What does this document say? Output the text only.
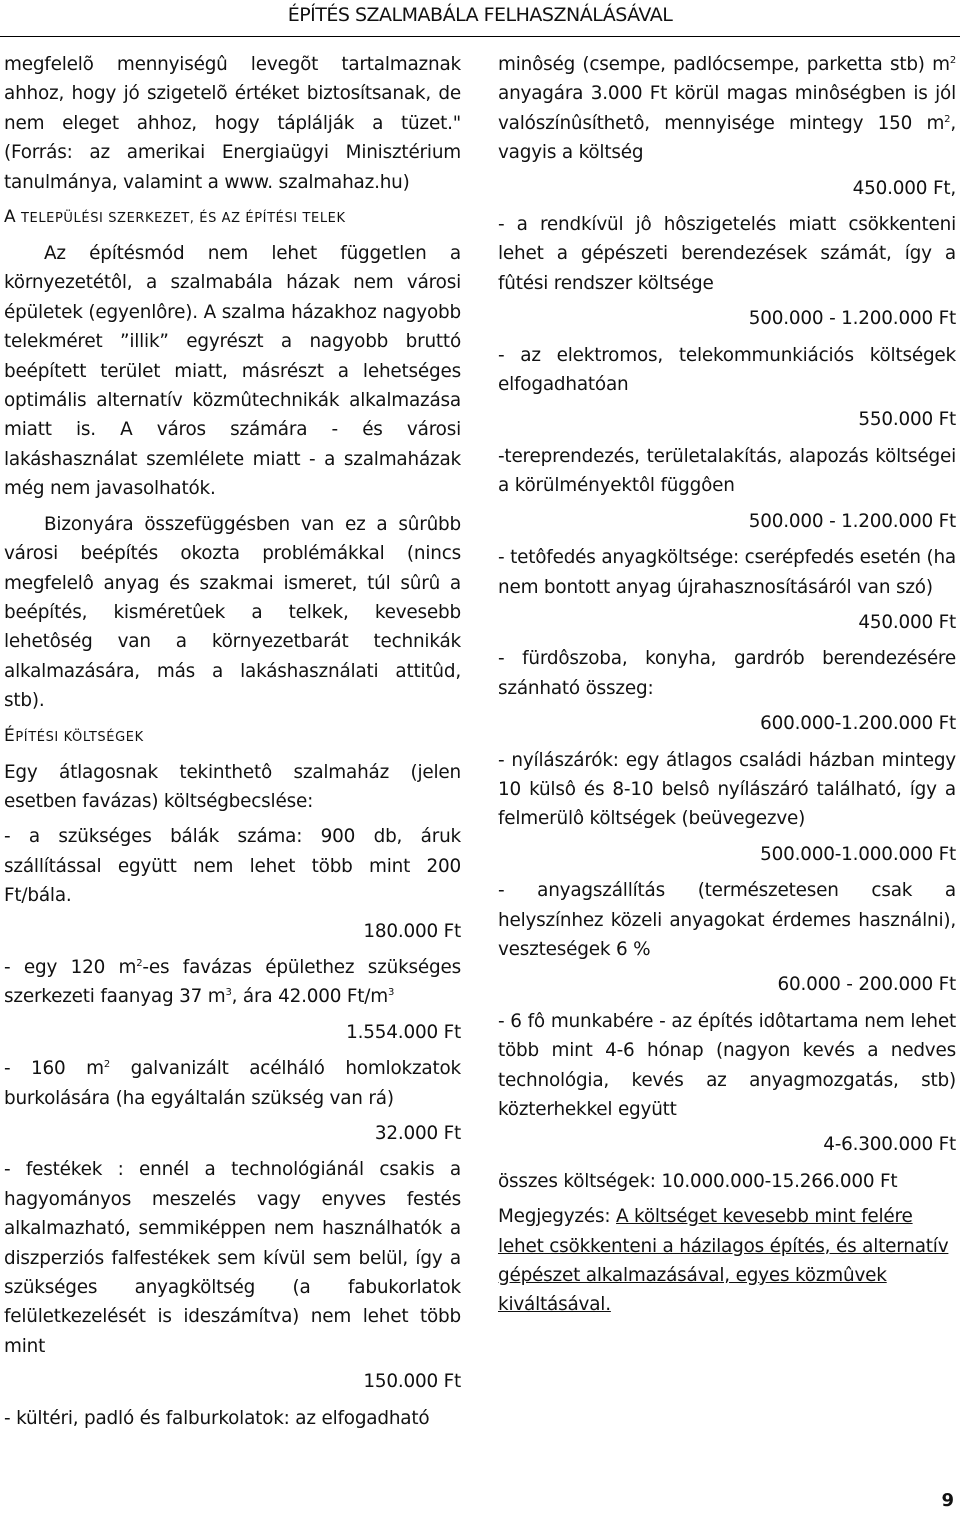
ÉPÍTÉS SZALMABÁLA FELHASZNÁLÁSÁVAL

megfelelõ mennyiségû levegõt tartalmaznak ahhoz, hogy jó szigetelõ értéket biztosítsanak, de nem eleget ahhoz, hogy táplálják a tüzet." (Forrás: az amerikai Energiaügyi Minisztérium tanulmánya, valamint a www. szalmahaz.hu)

A TELEPÜLÉSI SZERKEZET, ÉS AZ ÉPÍTÉSI TELEK

Az építésmód nem lehet független a környezetétôl, a szalmabála házak nem városi épületek (egyenlôre). A szalma házakhoz nagyobb telekméret ”illik” egyrészt a nagyobb bruttó beépített terület miatt, másrészt a lehetséges optimális alternatív közmûtechnikák alkalmazása miatt is. A város számára - és városi lakáshasználat szemlélete miatt - a szalmaházak még nem javasolhatók.

Bizonyára összefüggésben van ez a sûrûbb városi beépítés okozta problémákkal (nincs megfelelô anyag és szakmai ismeret, túl sûrû a beépítés, kisméretûek a telkek, kevesebb lehetôség van a környezetbarát technikák alkalmazására, más a lakáshasználati attitûd, stb).

ÉPÍTÉSI KÖLTSÉGEK

Egy átlagosnak tekinthetô szalmaház (jelen esetben favázas) költségbecslése:

- a szükséges bálák száma: 900 db, áruk szállítással együtt nem lehet több mint 200 Ft/bála.

180.000 Ft

- egy 120 $m^2-es$ favázas épülethez szükséges szerkezeti faanyag 37 $m^3$, ára 42.000 $Ft/m^3$

1.554.000 Ft

- 160 $m^2$ galvanizált acélháló homlokzatok burkolására (ha egyáltalán szükség van rá)

32.000 Ft

- festékek : ennél a technológiánál csakis a hagyományos meszelés vagy enyves festés alkalmazható, semmiképpen nem használhatók a diszperziós falfestékek sem kívül sem belül, így a szükséges anyagköltség (a fabukorlatok felületkezelését is ideszámítva) nem lehet több mint

150.000 Ft

- kültéri, padló és falburkolatok: az elfogadható

minôség (csempe, padlócsempe, parketta stb) $m^2$ anyagára 3.000 Ft körül magas minôségben is jól valószínûsíthetô, mennyisége mintegy 150 $m^2$, vagyis a költség

450.000 Ft,

- a rendkívül jô hôszigetelés miatt csökkenteni lehet a gépészeti berendezések számát, így a fûtési rendszer költsége

500.000 - 1.200.000 Ft

- az elektromos, telekommunkiációs költségek elfogadhatóan

550.000 Ft

-tereprendezés, területalakítás, alapozás költségei a körülményektôl függôen

500.000 - 1.200.000 Ft

- tetôfedés anyagköltsége: cserépfedés esetén (ha nem bontott anyag újrahasznosításáról van szó)

450.000 Ft

- fürdôszoba, konyha, gardrób berendezésére szánható összeg:

600.000-1.200.000 Ft

- nyílászárók: egy átlagos családi házban mintegy 10 külsô és 8-10 belsô nyílászáró található, így a felmerülô költségek (beüvegezve)

500.000-1.000.000 Ft

- anyagszállítás (természetesen csak a helyszínhez közeli anyagokat érdemes használni), veszteségek 6 %

60.000 - 200.000 Ft

- 6 fô munkabére - az építés idôtartama nem lehet több mint 4-6 hónap (nagyon kevés a nedves technológia, kevés az anyagmozgatás, stb) közterhekkel együtt

4-6.300.000 Ft

összes költségek: 10.000.000-15.266.000 Ft

Megjegyzés: A költséget kevesebb mint felére lehet csökkenteni a házilagos építés, és alternatív gépészet alkalmazásával, egyes közmûvek kiváltásával.

9
